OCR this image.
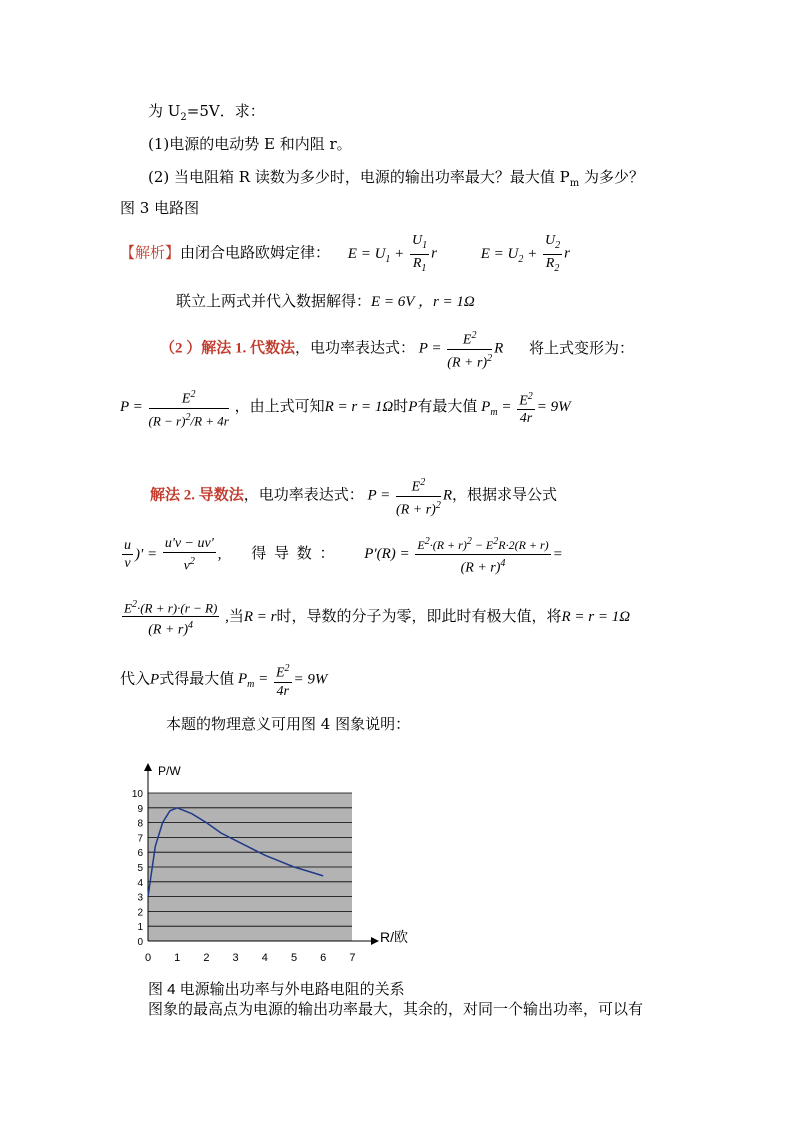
为 $U_2=5V$．求：
(1)电源的电动势 E 和内阻 r。
(2) 当电阻箱 R 读数为多少时，电源的输出功率最大？最大值 $P_m$ 为多少？
图 3 电路图
【解析】由闭合电路欧姆定律： $E = U_1 + \frac{U_1}{R_1}$ r	$E = U_2 + \frac{U_2}{R_2}$ r
联立上两式并代入数据解得：E = 6V ，r = 1Ω
（2 ）解法 1. 代数法，电功率表达式： $P = \frac{E^2}{(R + r)^2}$ R 将上式变形为：
$P = \frac{E^2}{(R - r)^2/R + 4r}$ ，由上式可知R = r = 1Ω时P有最大值 $P_m = \frac{E^2}{4r} = 9W$
解法 2. 导数法，电功率表达式： $P = \frac{E^2}{(R + r)^2}$ R，根据求导公式
$\frac{u}{v}$ )' = $\frac{u'v - uv'}{v^2}$ , 得 导 数 ： $P'(R) = \frac{E^2\cdot(R + r)^2 - E^2R\cdot 2(R + r)}{(R + r)^4}$ =
$\frac{E^2\cdot(R + r)\cdot(r - R)}{(R + r)^4}$ ,当R = r时，导数的分子为零，即此时有极大值，将R = r = 1Ω
代入P式得最大值 $P_m = \frac{E^2}{4r} = 9W$
本题的物理意义可用图 4 图象说明：
P/W
R/欧
0
1
2
3
4
5
6
7
8
9
10
0 1 2 3 4 5 6 7
图 4 电源输出功率与外电路电阻的关系
图象的最高点为电源的输出功率最大，其余的，对同一个输出功率，可以有
